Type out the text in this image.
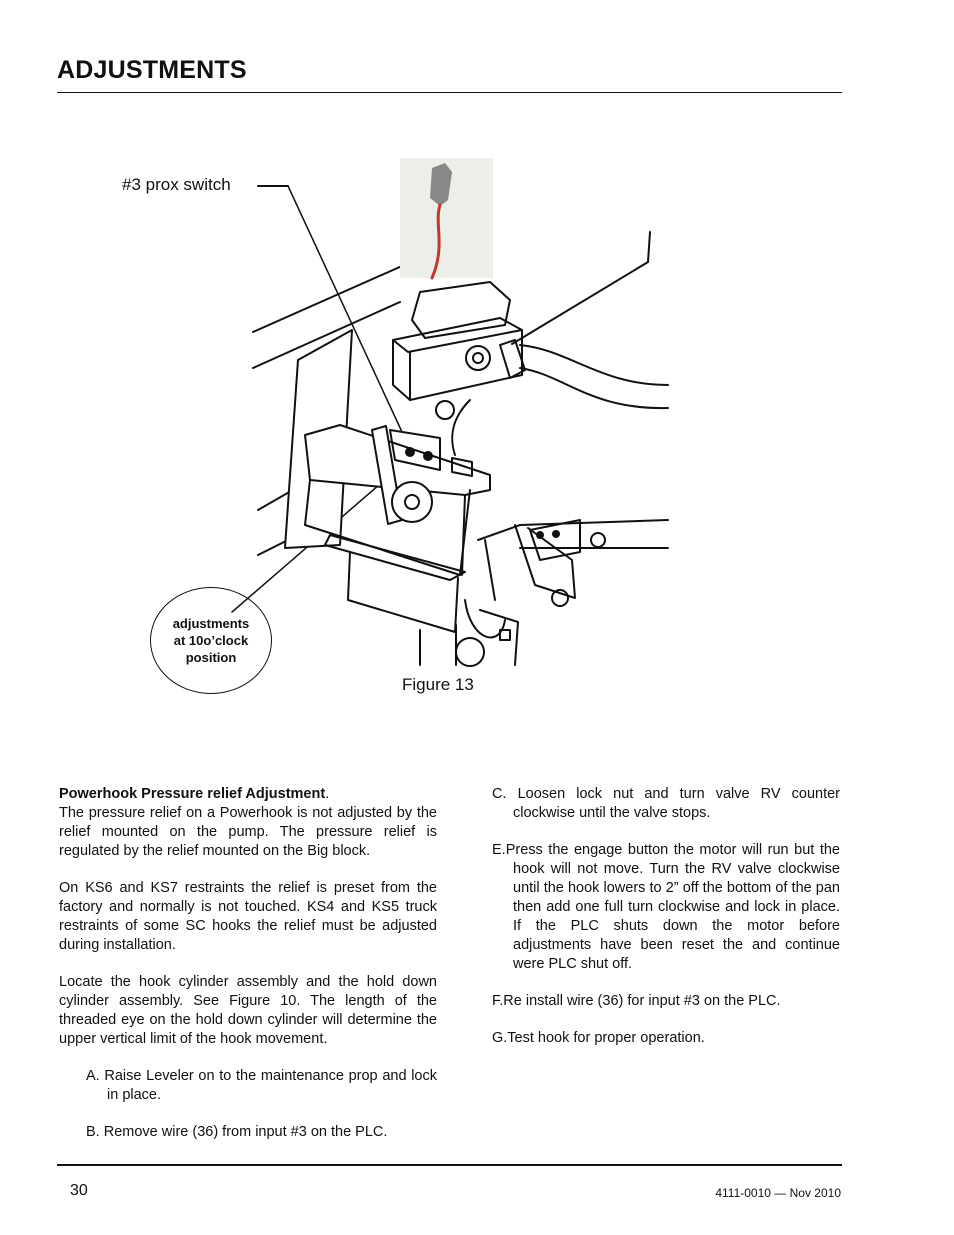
ADJUSTMENTS
#3 prox switch
adjustments
at 10o’clock
position
Figure 13
Powerhook Pressure relief Adjustment.

The pressure relief on a Powerhook is not adjusted by the relief mounted on the pump. The pressure relief is regulated by the relief mounted on the Big block.

On KS6 and KS7 restraints the relief is preset from the factory and normally is not touched. KS4 and KS5 truck restraints of some SC hooks the relief must be adjusted during installation.

Locate the hook cylinder assembly and the hold down cylinder assembly. See Figure 10. The length of the threaded eye on the hold down cylinder will determine the upper vertical limit of the hook movement.

A. Raise Leveler on to the maintenance prop and lock in place.

B. Remove wire (36) from input #3 on the PLC.

C. Loosen lock nut and turn valve RV counter clockwise until the valve stops.

E.Press the engage button the motor will run but the hook will not move. Turn the RV valve clockwise until the hook lowers to 2” off the bottom of the pan then add one full turn clockwise and lock in place. If the PLC shuts down the motor before adjustments have been reset the and continue were PLC shut off.

F.Re install wire (36) for input #3 on the PLC.

G.Test hook for proper operation.

30	4111-0010 — Nov 2010
